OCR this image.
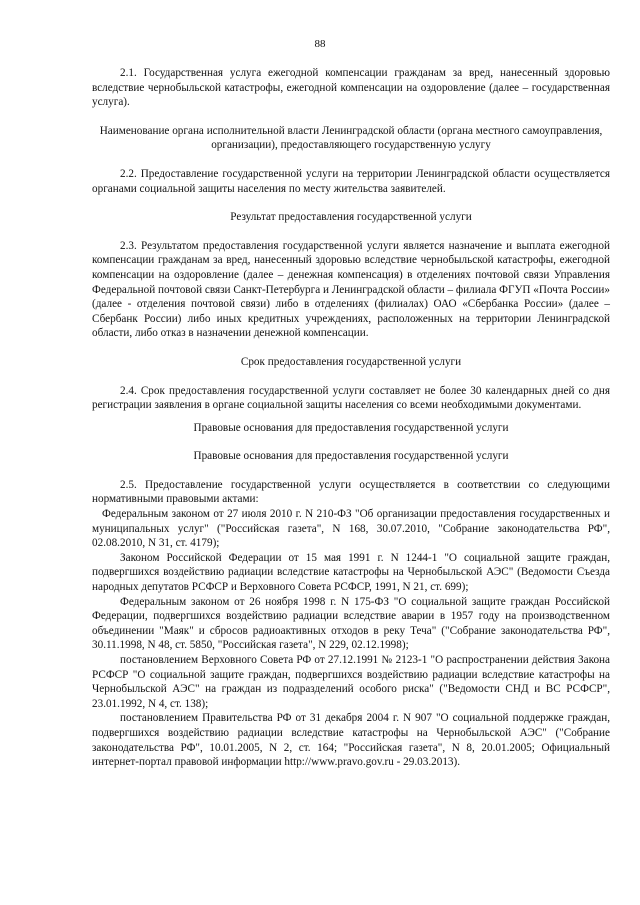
88

2.1. Государственная услуга ежегодной компенсации гражданам за вред, нанесенный здоровью вследствие чернобыльской катастрофы, ежегодной компенсации на оздоровление (далее – государственная услуга).

Наименование органа исполнительной власти Ленинградской области (органа местного самоуправления, организации), предоставляющего государственную услугу

2.2. Предоставление государственной услуги на территории Ленинградской области осуществляется органами социальной защиты населения по месту жительства заявителей.

Результат предоставления государственной услуги

2.3. Результатом предоставления государственной услуги является назначение и выплата ежегодной компенсации гражданам за вред, нанесенный здоровью вследствие чернобыльской катастрофы, ежегодной компенсации на оздоровление (далее – денежная компенсация) в отделениях почтовой связи Управления Федеральной почтовой связи Санкт-Петербурга и Ленинградской области – филиала ФГУП «Почта России» (далее - отделения почтовой связи) либо в отделениях (филиалах) ОАО «Сбербанка России» (далее – Сбербанк России) либо иных кредитных учреждениях, расположенных на территории Ленинградской области, либо отказ в назначении денежной компенсации.

Срок предоставления государственной услуги

2.4. Срок предоставления государственной услуги составляет не более 30 календарных дней со дня регистрации заявления в органе социальной защиты населения со всеми необходимыми документами.

Правовые основания для предоставления государственной услуги

Правовые основания для предоставления государственной услуги

2.5. Предоставление государственной услуги осуществляется в соответствии со следующими нормативными правовыми актами:

Федеральным законом от 27 июля 2010 г. N 210-ФЗ "Об организации предоставления государственных и муниципальных услуг" ("Российская газета", N 168, 30.07.2010, "Собрание законодательства РФ", 02.08.2010, N 31, ст. 4179);

Законом Российской Федерации от 15 мая 1991 г. N 1244-1 "О социальной защите граждан, подвергшихся воздействию радиации вследствие катастрофы на Чернобыльской АЭС" (Ведомости Съезда народных депутатов РСФСР и Верховного Совета РСФСР, 1991, N 21, ст. 699);

Федеральным законом от 26 ноября 1998 г. N 175-ФЗ "О социальной защите граждан Российской Федерации, подвергшихся воздействию радиации вследствие аварии в 1957 году на производственном объединении "Маяк" и сбросов радиоактивных отходов в реку Теча" ("Собрание законодательства РФ", 30.11.1998, N 48, ст. 5850, "Российская газета", N 229, 02.12.1998);

постановлением Верховного Совета РФ от 27.12.1991 № 2123-1 "О распространении действия Закона РСФСР "О социальной защите граждан, подвергшихся воздействию радиации вследствие катастрофы на Чернобыльской АЭС" на граждан из подразделений особого риска" ("Ведомости СНД и ВС РСФСР", 23.01.1992, N 4, ст. 138);

постановлением Правительства РФ от 31 декабря 2004 г. N 907 "О социальной поддержке граждан, подвергшихся воздействию радиации вследствие катастрофы на Чернобыльской АЭС" ("Собрание законодательства РФ", 10.01.2005, N 2, ст. 164; "Российская газета", N 8, 20.01.2005; Официальный интернет-портал правовой информации http://www.pravo.gov.ru - 29.03.2013).
